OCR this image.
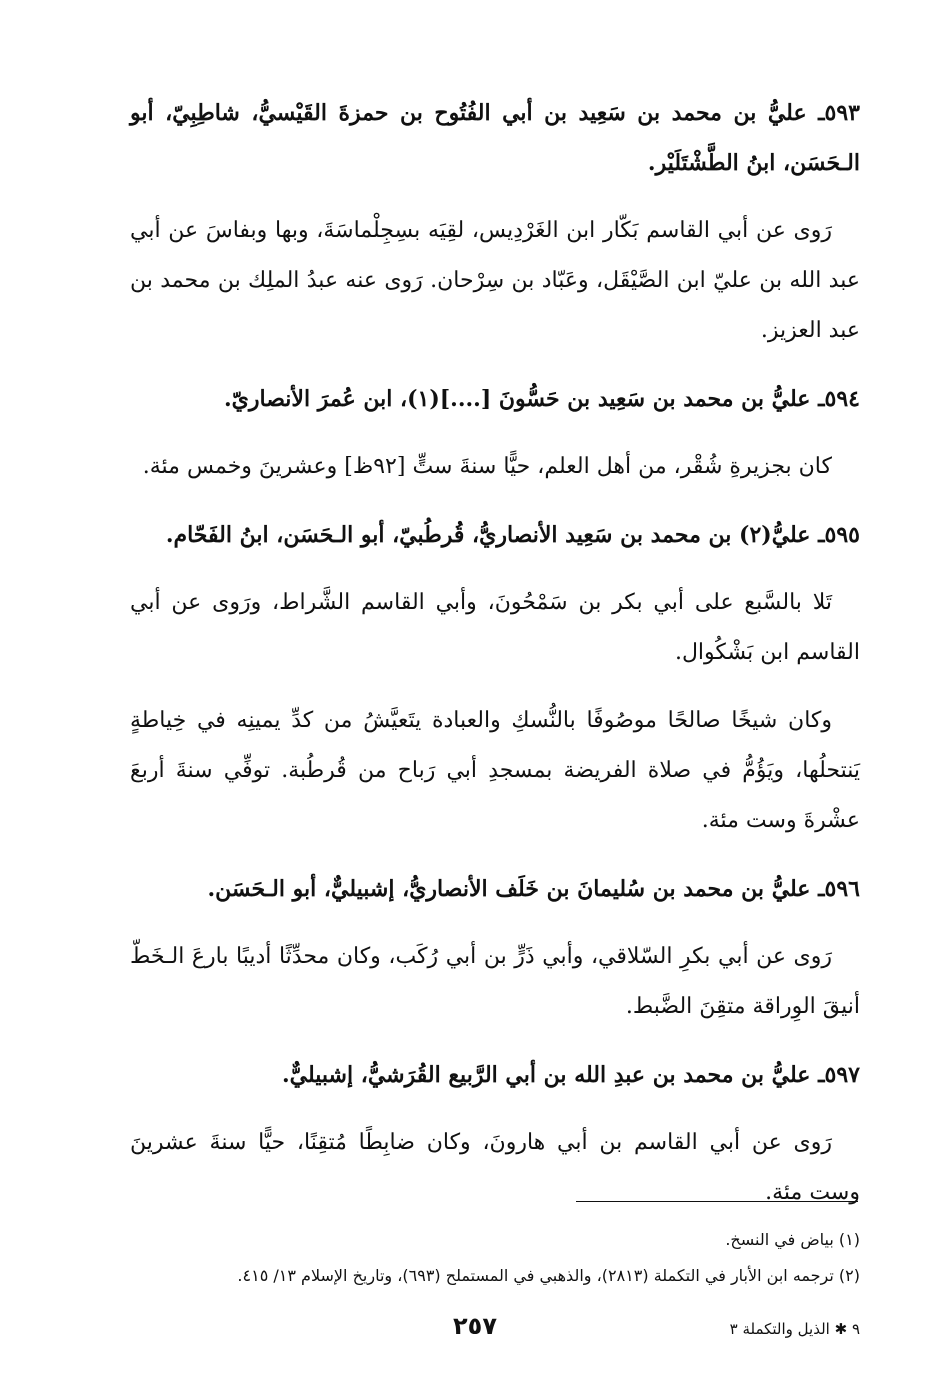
٥٩٣ـ عليُّ بن محمد بن سَعِيد بن أبي الفُتُوح بن حمزةَ القَيْسيُّ، شاطِبِيّ، أبو الـحَسَن، ابنُ الطَّشْتَلَيْر.

رَوى عن أبي القاسم بَكّار ابن الغَرْدِيس، لقِيَه بسِجِلْماسَةَ، وبها وبفاسَ عن أبي عبد الله بن عليّ ابن الصَّيْقَل، وعَبّاد بن سِرْحان. رَوى عنه عبدُ الملِك بن محمد بن عبد العزيز.

٥٩٤ـ عليُّ بن محمد بن سَعِيد بن حَسُّونَ [....](١)، ابن عُمرَ الأنصاريّ.

كان بجزيرةِ شُقْر، من أهل العلم، حيًّا سنةَ ستٍّ [٩٢ظ] وعشرينَ وخمس مئة.

٥٩٥ـ عليُّ(٢) بن محمد بن سَعِيد الأنصاريُّ، قُرطُبيّ، أبو الـحَسَن، ابنُ الفَحّام.

تَلا بالسَّبع على أبي بكر بن سَمْحُونَ، وأبي القاسم الشَّراط، ورَوى عن أبي القاسم ابن بَشْكُوال.

وكان شيخًا صالحًا موصُوفًا بالنُّسكِ والعبادة يتَعيَّشُ من كدِّ يمينِه في خِياطةٍ يَنتحلُها، ويَؤُمُّ في صلاة الفريضة بمسجدِ أبي رَباح من قُرطُبة. توفِّي سنةَ أربعَ عشْرةَ وست مئة.

٥٩٦ـ عليُّ بن محمد بن سُليمانَ بن خَلَف الأنصاريُّ، إشبيليٌّ، أبو الـحَسَن.

رَوى عن أبي بكرِ السّلاقي، وأبي ذَرٍّ بن أبي رُكَب، وكان محدِّثًا أديبًا بارعَ الـخَطّ أنيقَ الوِراقة متقِنَ الضَّبط.

٥٩٧ـ عليُّ بن محمد بن عبدِ الله بن أبي الرَّبيع القُرَشيُّ، إشبيليٌّ.

رَوى عن أبي القاسم بن أبي هارونَ، وكان ضابِطًا مُتقِنًا، حيًّا سنةَ عشرينَ وست مئة.

(١) بياض في النسخ.

(٢) ترجمه ابن الأبار في التكملة (٢٨١٣)، والذهبي في المستملح (٦٩٣)، وتاريخ الإسلام ١٣/ ٤١٥.

٩ ✱ الذيل والتكملة ٣
٢٥٧
